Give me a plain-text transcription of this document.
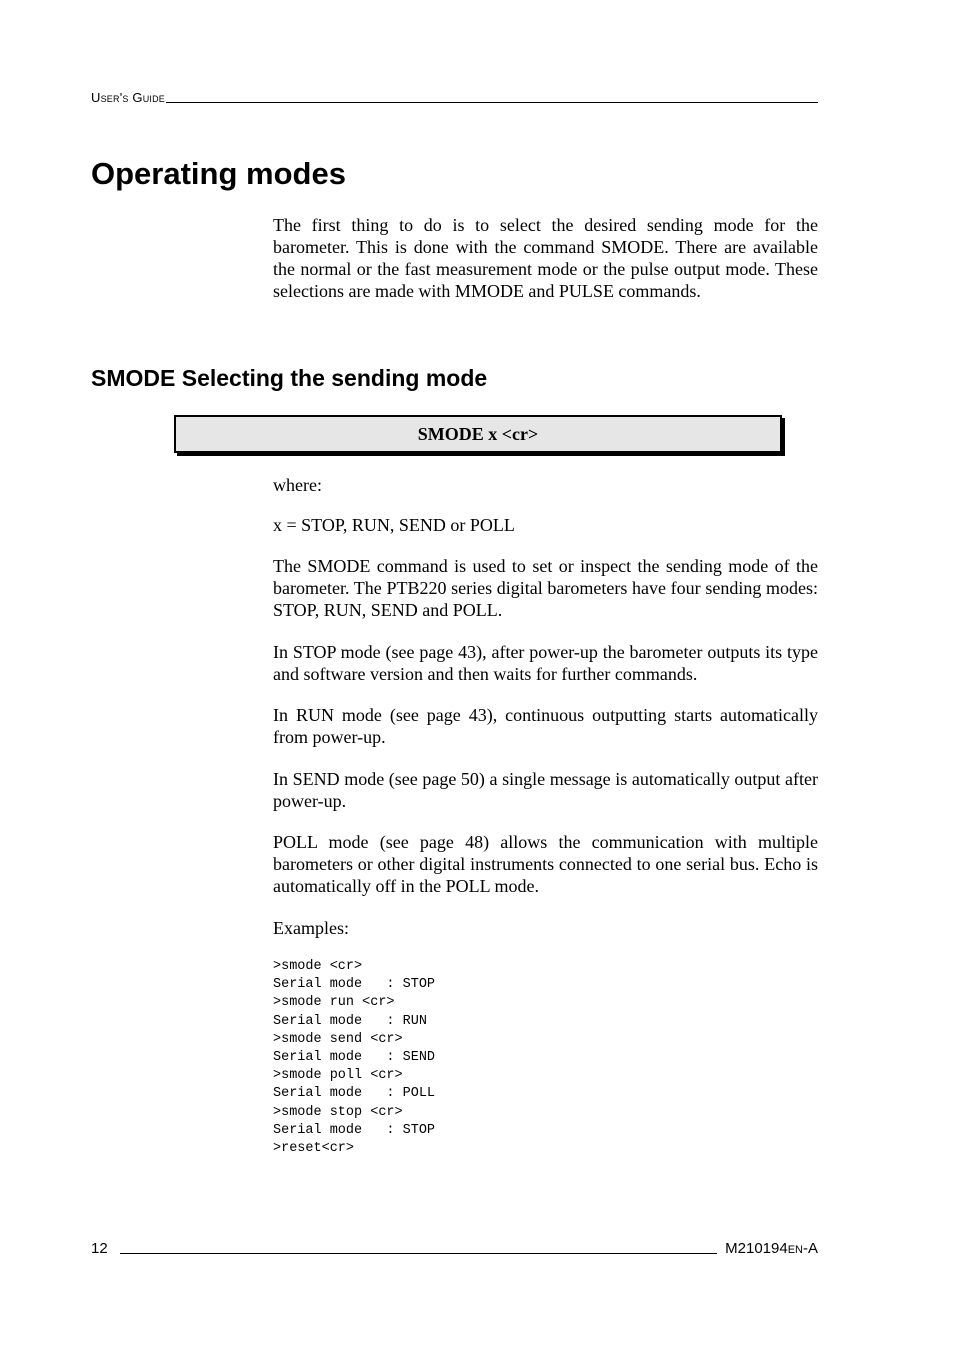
User's Guide
Operating modes

The first thing to do is to select the desired sending mode for the barometer. This is done with the command SMODE. There are available the normal or the fast measurement mode or the pulse output mode. These selections are made with MMODE and PULSE commands.

SMODE Selecting the sending mode
SMODE x <cr>

where:

x = STOP, RUN, SEND or POLL

The SMODE command is used to set or inspect the sending mode of the barometer. The PTB220 series digital barometers have four sending modes: STOP, RUN, SEND and POLL.

In STOP mode (see page 43), after power-up the barometer outputs its type and software version and then waits for further commands.

In RUN mode (see page 43), continuous outputting starts automatically from power-up.

In SEND mode (see page 50) a single message is automatically output after power-up.

POLL mode (see page 48) allows the communication with multiple barometers or other digital instruments connected to one serial bus. Echo is automatically off in the POLL mode.

Examples:

>smode <cr>
Serial mode   : STOP
>smode run <cr>
Serial mode   : RUN
>smode send <cr>
Serial mode   : SEND
>smode poll <cr>
Serial mode   : POLL
>smode stop <cr>
Serial mode   : STOP
>reset<cr>
12	M210194en-A
